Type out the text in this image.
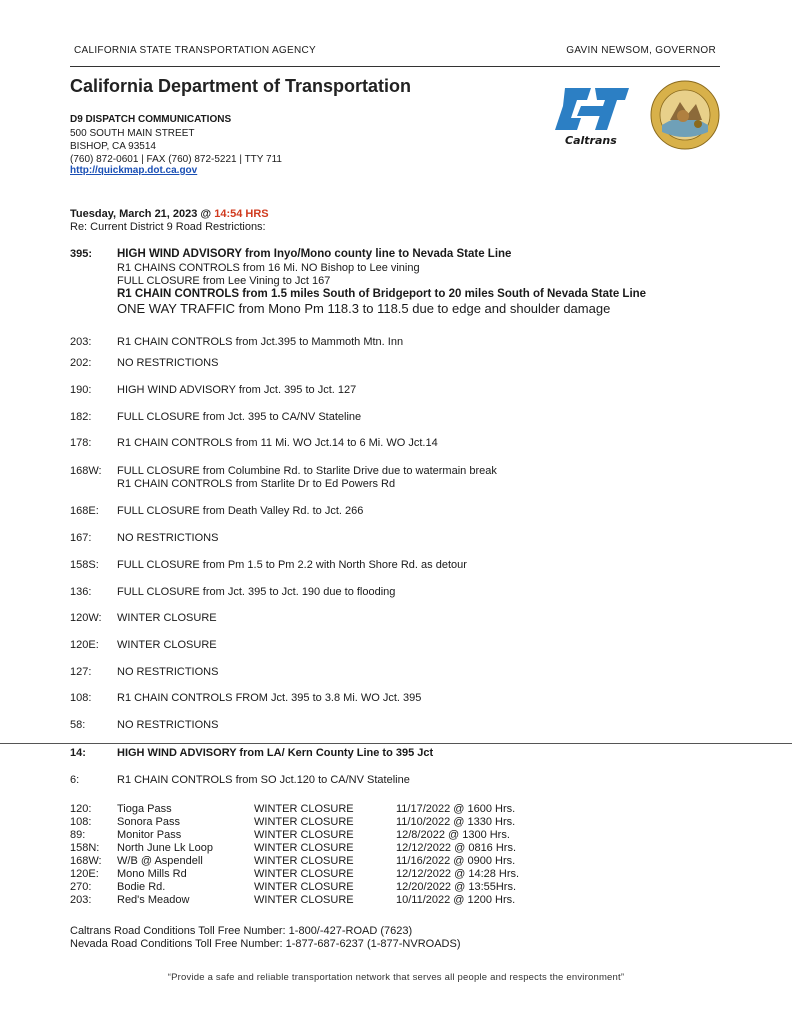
CALIFORNIA STATE TRANSPORTATION AGENCY	GAVIN NEWSOM, GOVERNOR
California Department of Transportation
D9 DISPATCH COMMUNICATIONS
500 SOUTH MAIN STREET
BISHOP, CA 93514
(760) 872-0601 | FAX (760) 872-5221 | TTY 711
http://quickmap.dot.ca.gov
Caltrans
Tuesday, March 21, 2023 @ 14:54 HRS
Re: Current District 9 Road Restrictions:
395:	HIGH WIND ADVISORY from Inyo/Mono county line to Nevada State Line
R1 CHAINS CONTROLS from 16 Mi. NO Bishop to Lee vining
FULL CLOSURE from Lee Vining to Jct 167
R1 CHAIN CONTROLS from 1.5 miles South of Bridgeport to 20 miles South of Nevada State Line
ONE WAY TRAFFIC from Mono Pm 118.3 to 118.5 due to edge and shoulder damage
203:	R1 CHAIN CONTROLS from Jct.395 to Mammoth Mtn. Inn
202:	NO RESTRICTIONS
190:	HIGH WIND ADVISORY from Jct. 395 to Jct. 127
182:	FULL CLOSURE from Jct. 395 to CA/NV Stateline
178:	R1 CHAIN CONTROLS from 11 Mi. WO Jct.14 to 6 Mi. WO Jct.14
168W:	FULL CLOSURE from Columbine Rd. to Starlite Drive due to watermain break
R1 CHAIN CONTROLS from Starlite Dr to Ed Powers Rd
168E:	FULL CLOSURE from Death Valley Rd. to Jct. 266
167:	NO RESTRICTIONS
158S:	FULL CLOSURE from Pm 1.5 to Pm 2.2 with North Shore Rd. as detour
136:	FULL CLOSURE from Jct. 395 to Jct. 190 due to flooding
120W:	WINTER CLOSURE
120E:	WINTER CLOSURE
127:	NO RESTRICTIONS
108:	R1 CHAIN CONTROLS FROM Jct. 395 to 3.8 Mi. WO Jct. 395
58:	NO RESTRICTIONS
14:	HIGH WIND ADVISORY from LA/ Kern County Line to 395 Jct
6:	R1 CHAIN CONTROLS from SO Jct.120 to CA/NV Stateline
120: Tioga Pass	WINTER CLOSURE	11/17/2022 @ 1600 Hrs.
108: Sonora Pass	WINTER CLOSURE	11/10/2022 @ 1330 Hrs.
89:	Monitor Pass	WINTER CLOSURE	12/8/2022 @ 1300 Hrs.
158N: North June Lk Loop	WINTER CLOSURE	12/12/2022 @ 0816 Hrs.
168W: W/B @ Aspendell	WINTER CLOSURE	11/16/2022 @ 0900 Hrs.
120E: Mono Mills Rd	WINTER CLOSURE	12/12/2022 @ 14:28 Hrs.
270: Bodie Rd.	WINTER CLOSURE	12/20/2022 @ 13:55Hrs.
203: Red's Meadow	WINTER CLOSURE	10/11/2022 @ 1200 Hrs.
Caltrans Road Conditions Toll Free Number: 1-800/-427-ROAD (7623)
Nevada Road Conditions Toll Free Number: 1-877-687-6237 (1-877-NVROADS)
“Provide a safe and reliable transportation network that serves all people and respects the environment”
